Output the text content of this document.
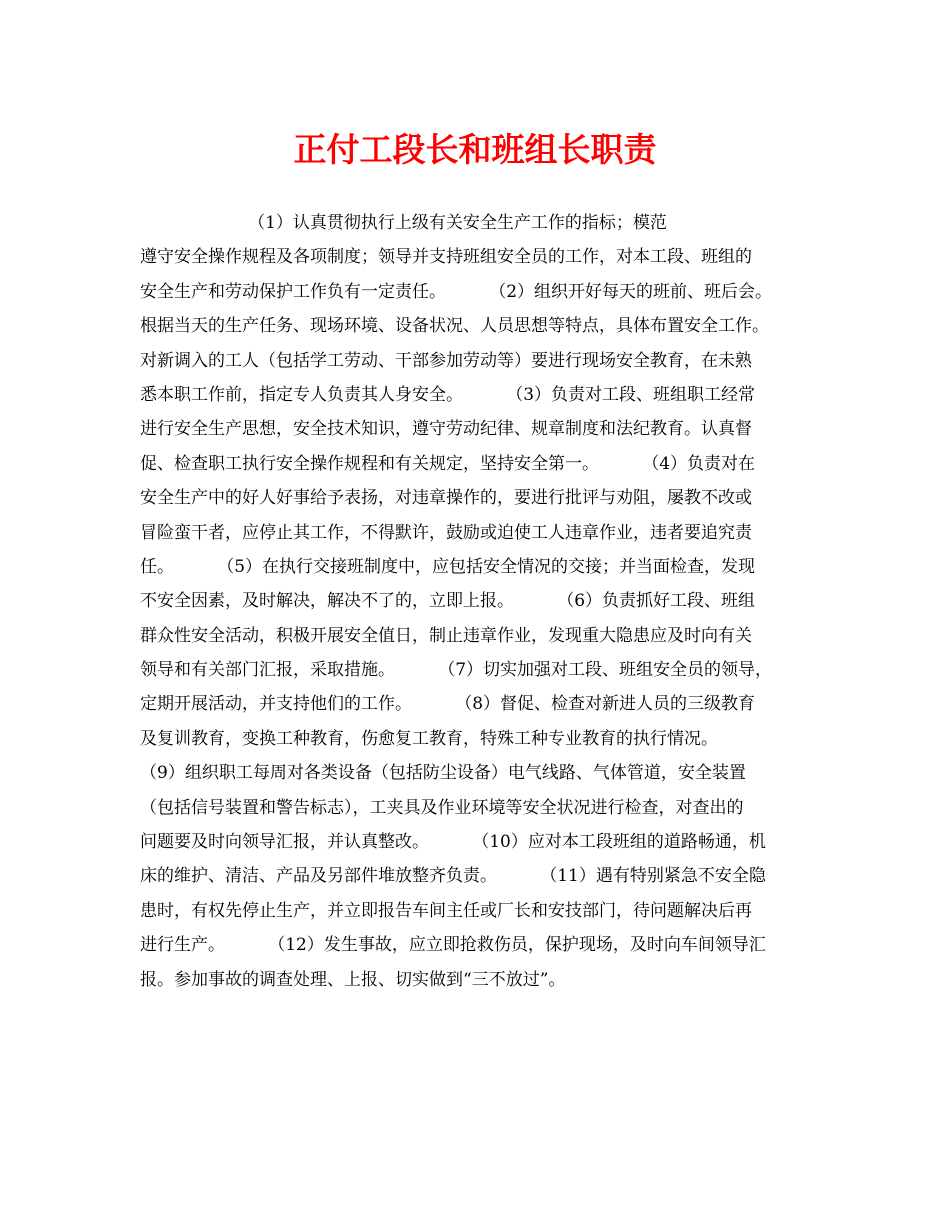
正付工段长和班组长职责
（1）认真贯彻执行上级有关安全生产工作的指标；模范
遵守安全操作规程及各项制度；领导并支持班组安全员的工作，对本工段、班组的
安全生产和劳动保护工作负有一定责任。        （2）组织开好每天的班前、班后会。
根据当天的生产任务、现场环境、设备状况、人员思想等特点，具体布置安全工作。
对新调入的工人（包括学工劳动、干部参加劳动等）要进行现场安全教育，在未熟
悉本职工作前，指定专人负责其人身安全。        （3）负责对工段、班组职工经常
进行安全生产思想，安全技术知识，遵守劳动纪律、规章制度和法纪教育。认真督
促、检查职工执行安全操作规程和有关规定，坚持安全第一。        （4）负责对在
安全生产中的好人好事给予表扬，对违章操作的，要进行批评与劝阻，屡教不改或
冒险蛮干者，应停止其工作，不得默许，鼓励或迫使工人违章作业，违者要追究责
任。        （5）在执行交接班制度中，应包括安全情况的交接；并当面检查，发现
不安全因素，及时解决，解决不了的，立即上报。        （6）负责抓好工段、班组
群众性安全活动，积极开展安全值日，制止违章作业，发现重大隐患应及时向有关
领导和有关部门汇报，采取措施。        （7）切实加强对工段、班组安全员的领导，
定期开展活动，并支持他们的工作。        （8）督促、检查对新进人员的三级教育
及复训教育，变换工种教育，伤愈复工教育，特殊工种专业教育的执行情况。
（9）组织职工每周对各类设备（包括防尘设备）电气线路、气体管道，安全装置
（包括信号装置和警告标志），工夹具及作业环境等安全状况进行检查，对查出的
问题要及时向领导汇报，并认真整改。        （10）应对本工段班组的道路畅通，机
床的维护、清洁、产品及另部件堆放整齐负责。        （11）遇有特别紧急不安全隐
患时，有权先停止生产，并立即报告车间主任或厂长和安技部门，待问题解决后再
进行生产。        （12）发生事故，应立即抢救伤员，保护现场，及时向车间领导汇
报。参加事故的调查处理、上报、切实做到“三不放过”。
